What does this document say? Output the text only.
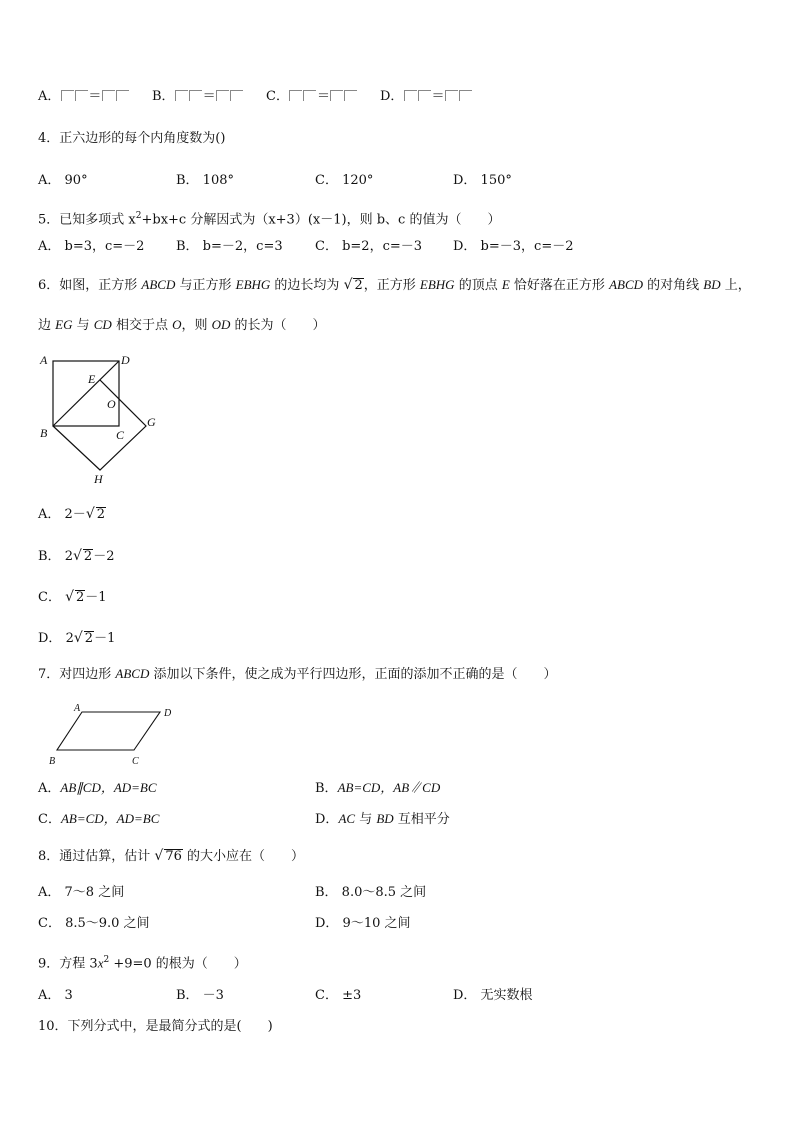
A． ＝	B． ＝	C． ＝	D． ＝
4．正六边形的每个内角度数为()
A． 90°	B． 108°	C． 120°	D． 150°
5．已知多项式 $x^2+bx+c$ 分解因式为（x+3）(x－1)，则 b、c 的值为（　　）
A． b=3，c=－2 B． b=－2，c=3 C． b=2，c=－3 D． b=－3，c=－2
6．如图，正方形 ABCD 与正方形 EBHG 的边长均为 √ 2，正方形 EBHG 的顶点 E 恰好落在正方形 ABCD 的对角线 BD 上，
边 EG 与 CD 相交于点 O，则 OD 的长为（　　）
A	D
E
O
B	C
G
H
A． 2－√ 2
B． 2√ 2－2
C． √ 2－1
D． 2√ 2－1
7．对四边形 ABCD 添加以下条件，使之成为平行四边形，正面的添加不正确的是（　　）
A	D
B	C
A．AB∥CD，AD=BC	B．AB=CD，AB∥CD
C．AB=CD，AD=BC	D．AC 与 BD 互相平分
8．通过估算，估计 √ 76 的大小应在（　　）
A． 7～8 之间	B． 8.0～8.5 之间
C． 8.5～9.0 之间	D． 9～10 之间
9．方程 $3x^2 +9=0$ 的根为（　　）
A． 3	B． －3	C． ±3	D． 无实数根
10．下列分式中，是最简分式的是(　　)
